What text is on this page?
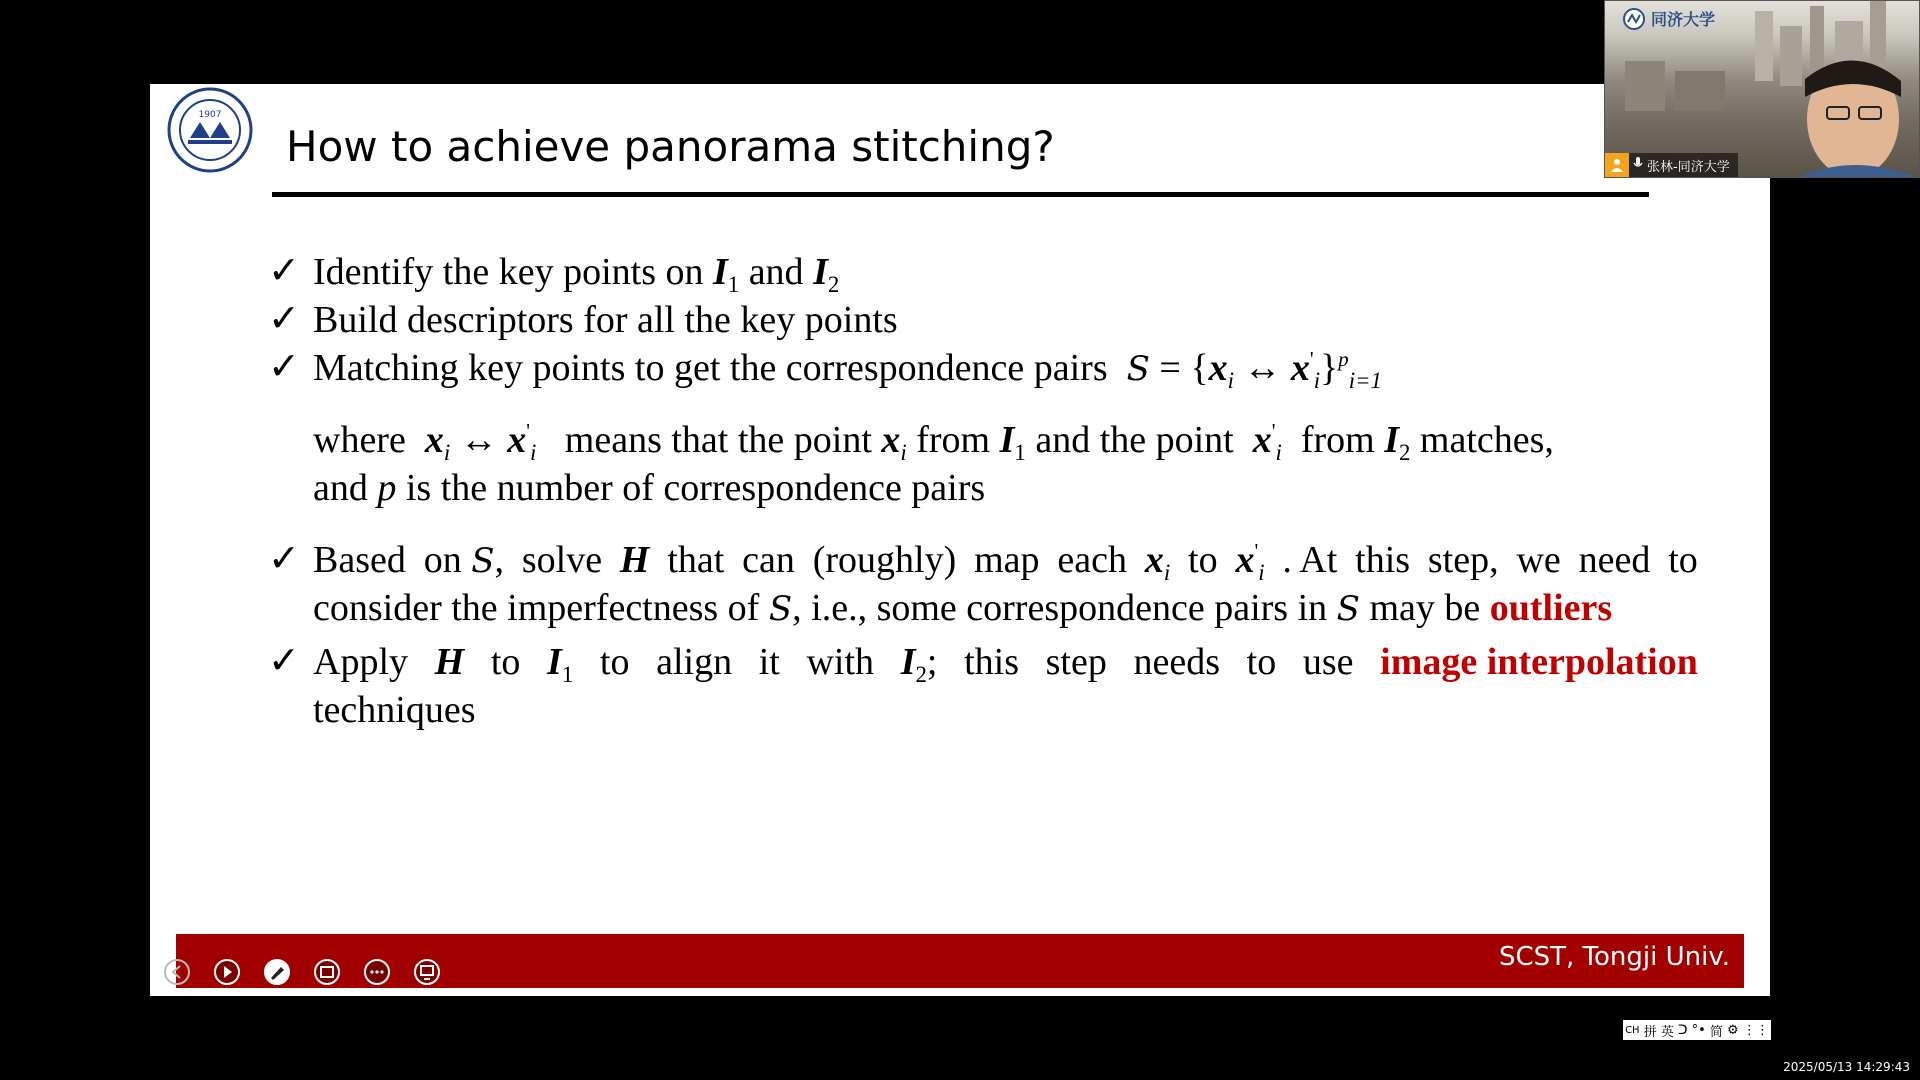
1907
How to achieve panorama stitching?
✓ Identify the key points on $I_1$ and $I_2$
✓ Build descriptors for all the key points
✓ Matching key points to get the correspondence pairs $S = \{x_i$ ↔ $x'_i\}^p_{i=1}$
where  $x_i$ ↔ $x'_i$   means that the point $x_i$ from $I_1$ and the point  $x'_i$  from $I_2$ matches,
and p is the number of correspondence pairs
✓ Based on S, solve H that can (roughly) map each $x_i$ to $x'_i$ . At this step, we need to
consider the imperfectness of S, i.e., some correspondence pairs in S may be outliers
✓ Apply H to $I_1$ to align it with $I_2$; this step needs to use image interpolation
techniques
SCST, Tongji Univ.
同济大学
张林-同济大学
CH 拼 英 ᑐ °• 简 ⚙ ⋮⋮
2025/05/13 14:29:43
